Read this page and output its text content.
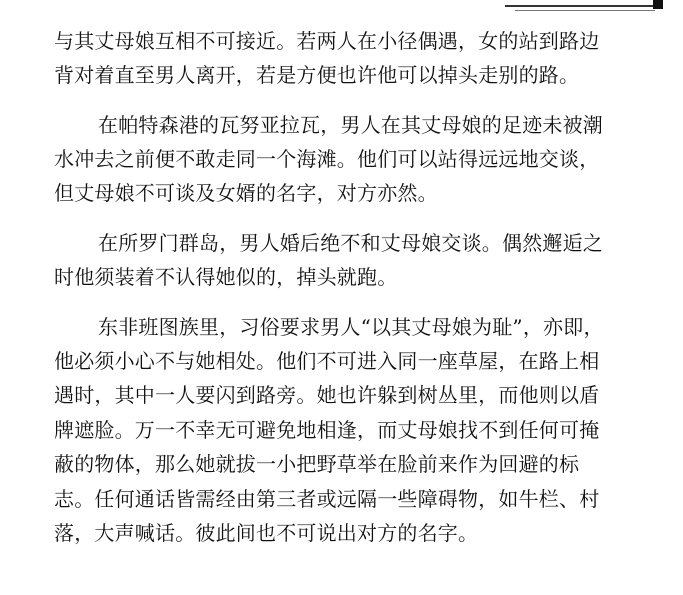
与其丈母娘互相不可接近。若两人在小径偶遇，女的站到路边
背对着直至男人离开，若是方便也许他可以掉头走别的路。
在帕特森港的瓦努亚拉瓦，男人在其丈母娘的足迹未被潮
水冲去之前便不敢走同一个海滩。他们可以站得远远地交谈，
但丈母娘不可谈及女婿的名字，对方亦然。
在所罗门群岛，男人婚后绝不和丈母娘交谈。偶然邂逅之
时他须装着不认得她似的，掉头就跑。
东非班图族里，习俗要求男人“以其丈母娘为耻”，亦即，
他必须小心不与她相处。他们不可进入同一座草屋，在路上相
遇时，其中一人要闪到路旁。她也许躲到树丛里，而他则以盾
牌遮脸。万一不幸无可避免地相逢，而丈母娘找不到任何可掩
蔽的物体，那么她就拔一小把野草举在脸前来作为回避的标
志。任何通话皆需经由第三者或远隔一些障碍物，如牛栏、村
落，大声喊话。彼此间也不可说出对方的名字。
